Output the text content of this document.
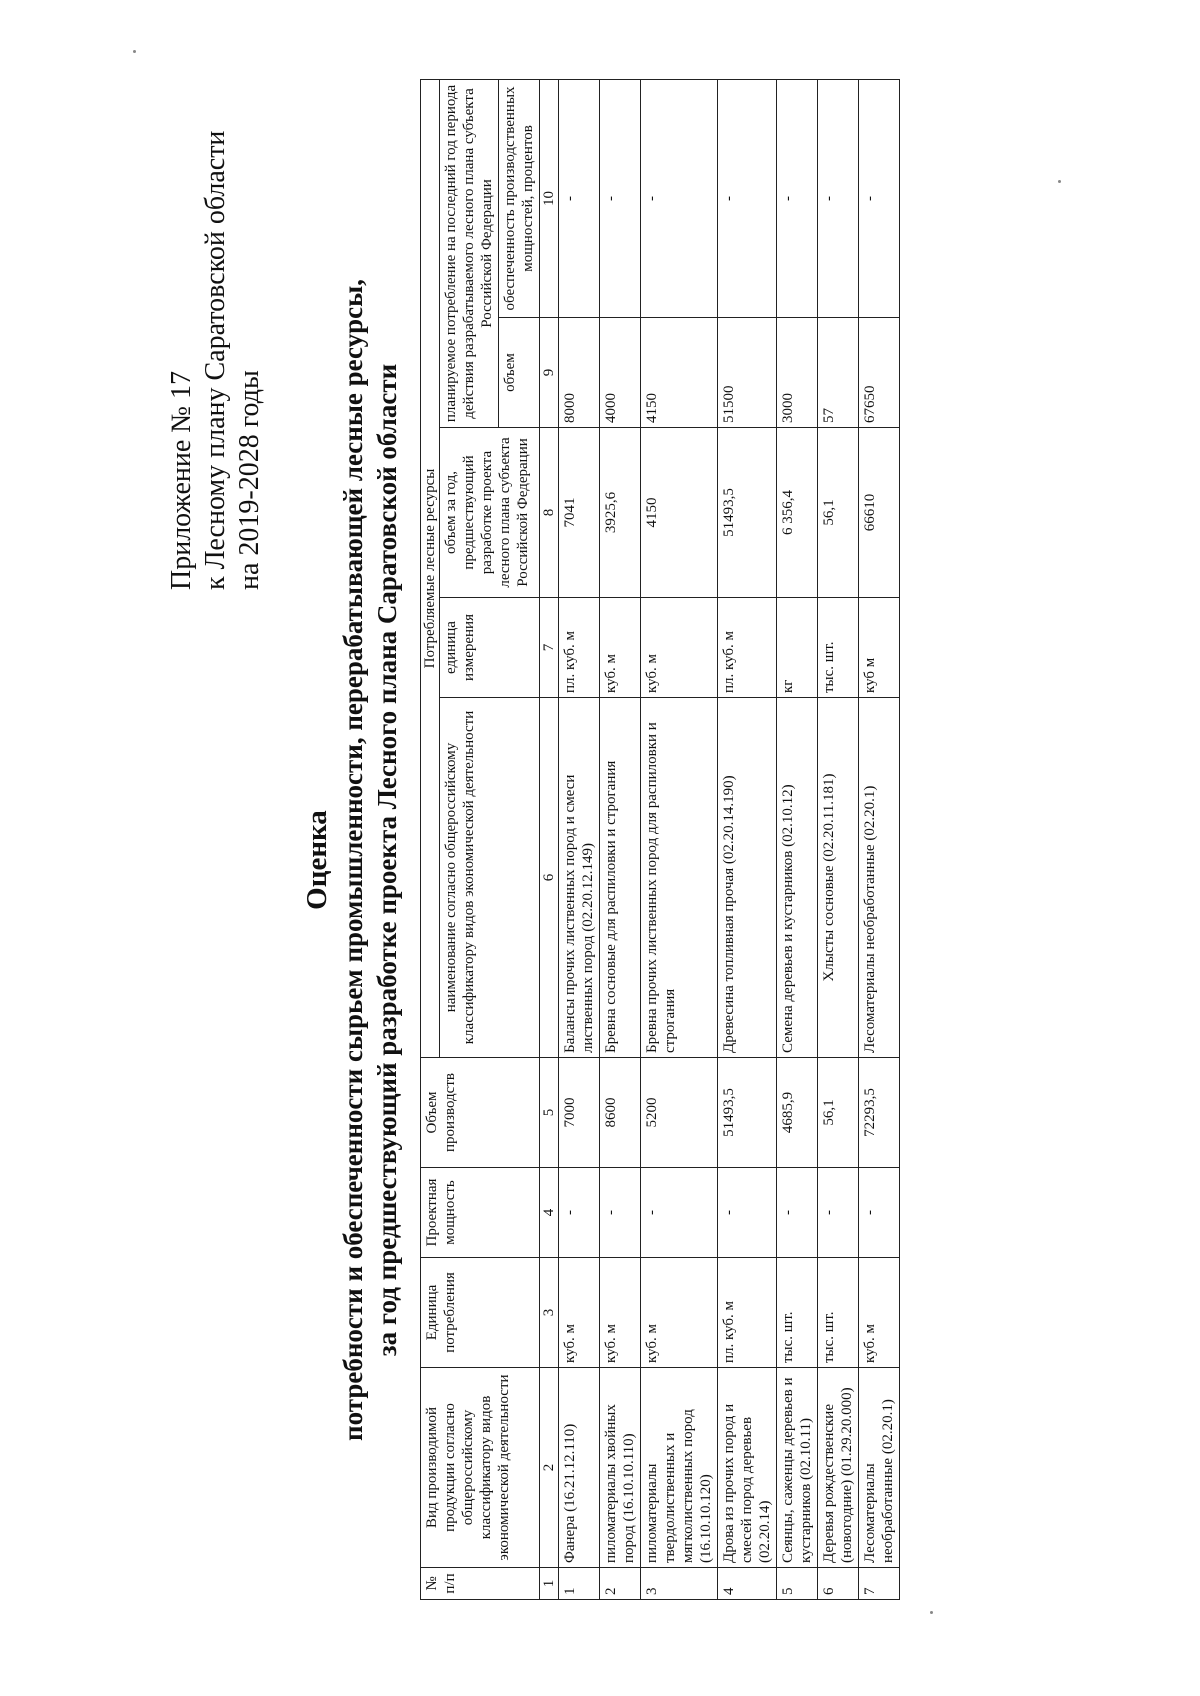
Приложение № 17 к Лесному плану Саратовской области на 2019-2028 годы
Оценка потребности и обеспеченности сырьем промышленности, перерабатывающей лесные ресурсы, за год предшествующий разработке проекта Лесного плана Саратовской области
№ п/п	Вид производимой продукции согласно общероссийскому классификатору видов экономической деятельности	Единица потребления	Проектная мощность	Объем производств	Потребляемые лесные ресурсы				
					наименование согласно общероссийскому классификатору видов экономической деятельности	единица измерения	объем за год, предшествующий разработке проекта лесного плана субъекта Российской Федерации	планируемое потребление на последний год периода действия разрабатываемого лесного плана субъекта Российской Федерации	
								объем	обеспеченность производственных мощностей, процентов
1	2	3	4	5	6	7	8	9	10
1	Фанера (16.21.12.110)	куб. м	-	7000	Балансы прочих лиственных пород и смеси лиственных пород (02.20.12.149)	пл. куб. м	7041	8000	-
2	пиломатериалы хвойных пород (16.10.10.110)	куб. м	-	8600	Бревна сосновые для распиловки и строгания	куб. м	3925,6	4000	-
3	пиломатериалы твердолиственных и мягколиственных пород (16.10.10.120)	куб. м	-	5200	Бревна прочих лиственных пород для распиловки и строгания	куб. м	4150	4150	-
4	Дрова из прочих пород и смесей пород деревьев (02.20.14)	пл. куб. м	-	51493,5	Древесина топливная прочая (02.20.14.190)	пл. куб. м	51493,5	51500	-
5	Сеянцы, саженцы деревьев и кустарников (02.10.11)	тыс. шт.	-	4685,9	Семена деревьев и кустарников (02.10.12)	кг	6 356,4	3000	-
6	Деревья рождественские (новогодние) (01.29.20.000)	тыс. шт.	-	56,1	Хлысты сосновые (02.20.11.181)	тыс. шт.	56,1	57	-
7	Лесоматериалы необработанные (02.20.1)	куб. м	-	72293,5	Лесоматериалы необработанные (02.20.1)	куб м	66610	67650	-
